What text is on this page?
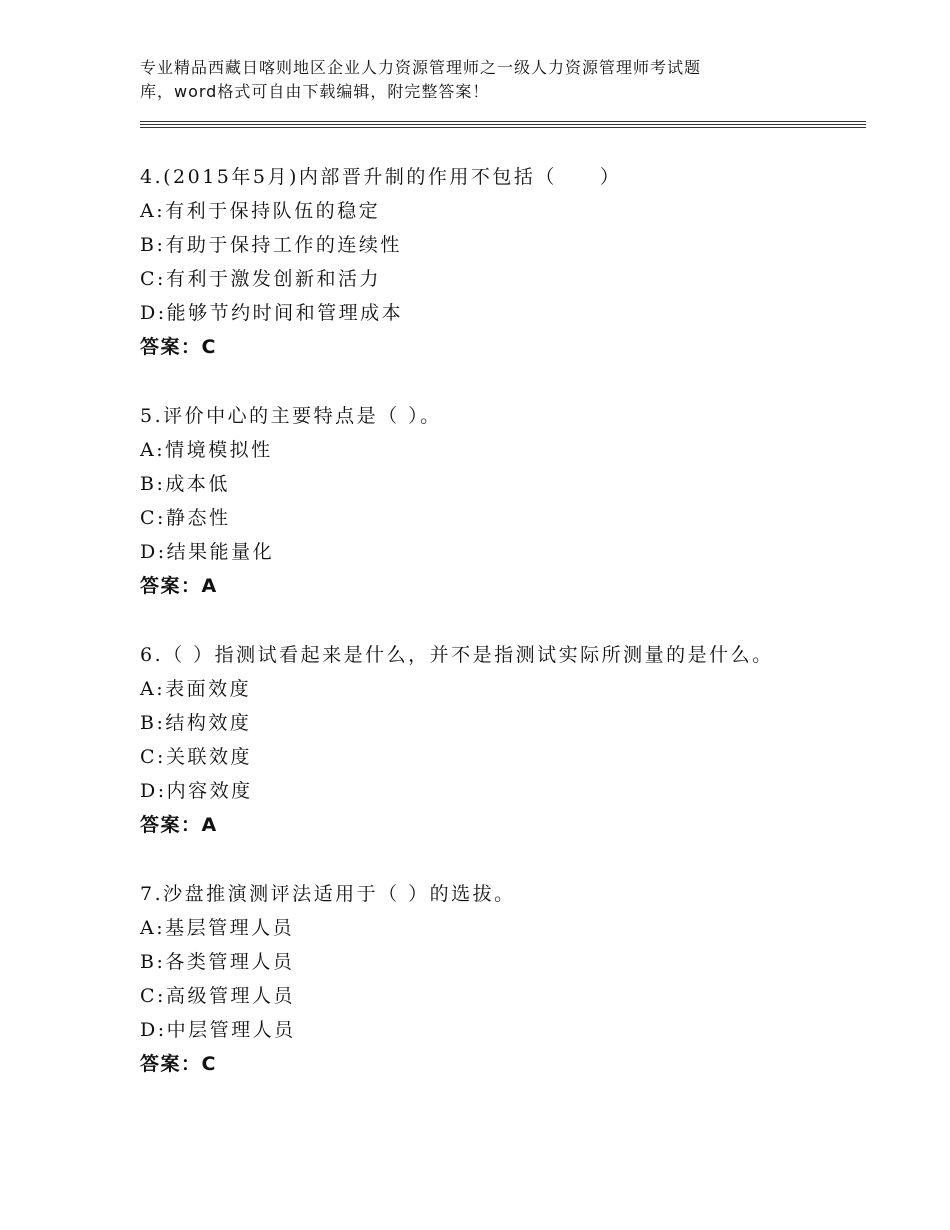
专业精品西藏日喀则地区企业人力资源管理师之一级人力资源管理师考试题
库，word格式可自由下载编辑，附完整答案！
4.(2015年5月)内部晋升制的作用不包括（　　）
A:有利于保持队伍的稳定
B:有助于保持工作的连续性
C:有利于激发创新和活力
D:能够节约时间和管理成本
答案：C
5.评价中心的主要特点是（ ）。
A:情境模拟性
B:成本低
C:静态性
D:结果能量化
答案：A
6.（ ）指测试看起来是什么，并不是指测试实际所测量的是什么。
A:表面效度
B:结构效度
C:关联效度
D:内容效度
答案：A
7.沙盘推演测评法适用于（ ）的选拔。
A:基层管理人员
B:各类管理人员
C:高级管理人员
D:中层管理人员
答案：C
